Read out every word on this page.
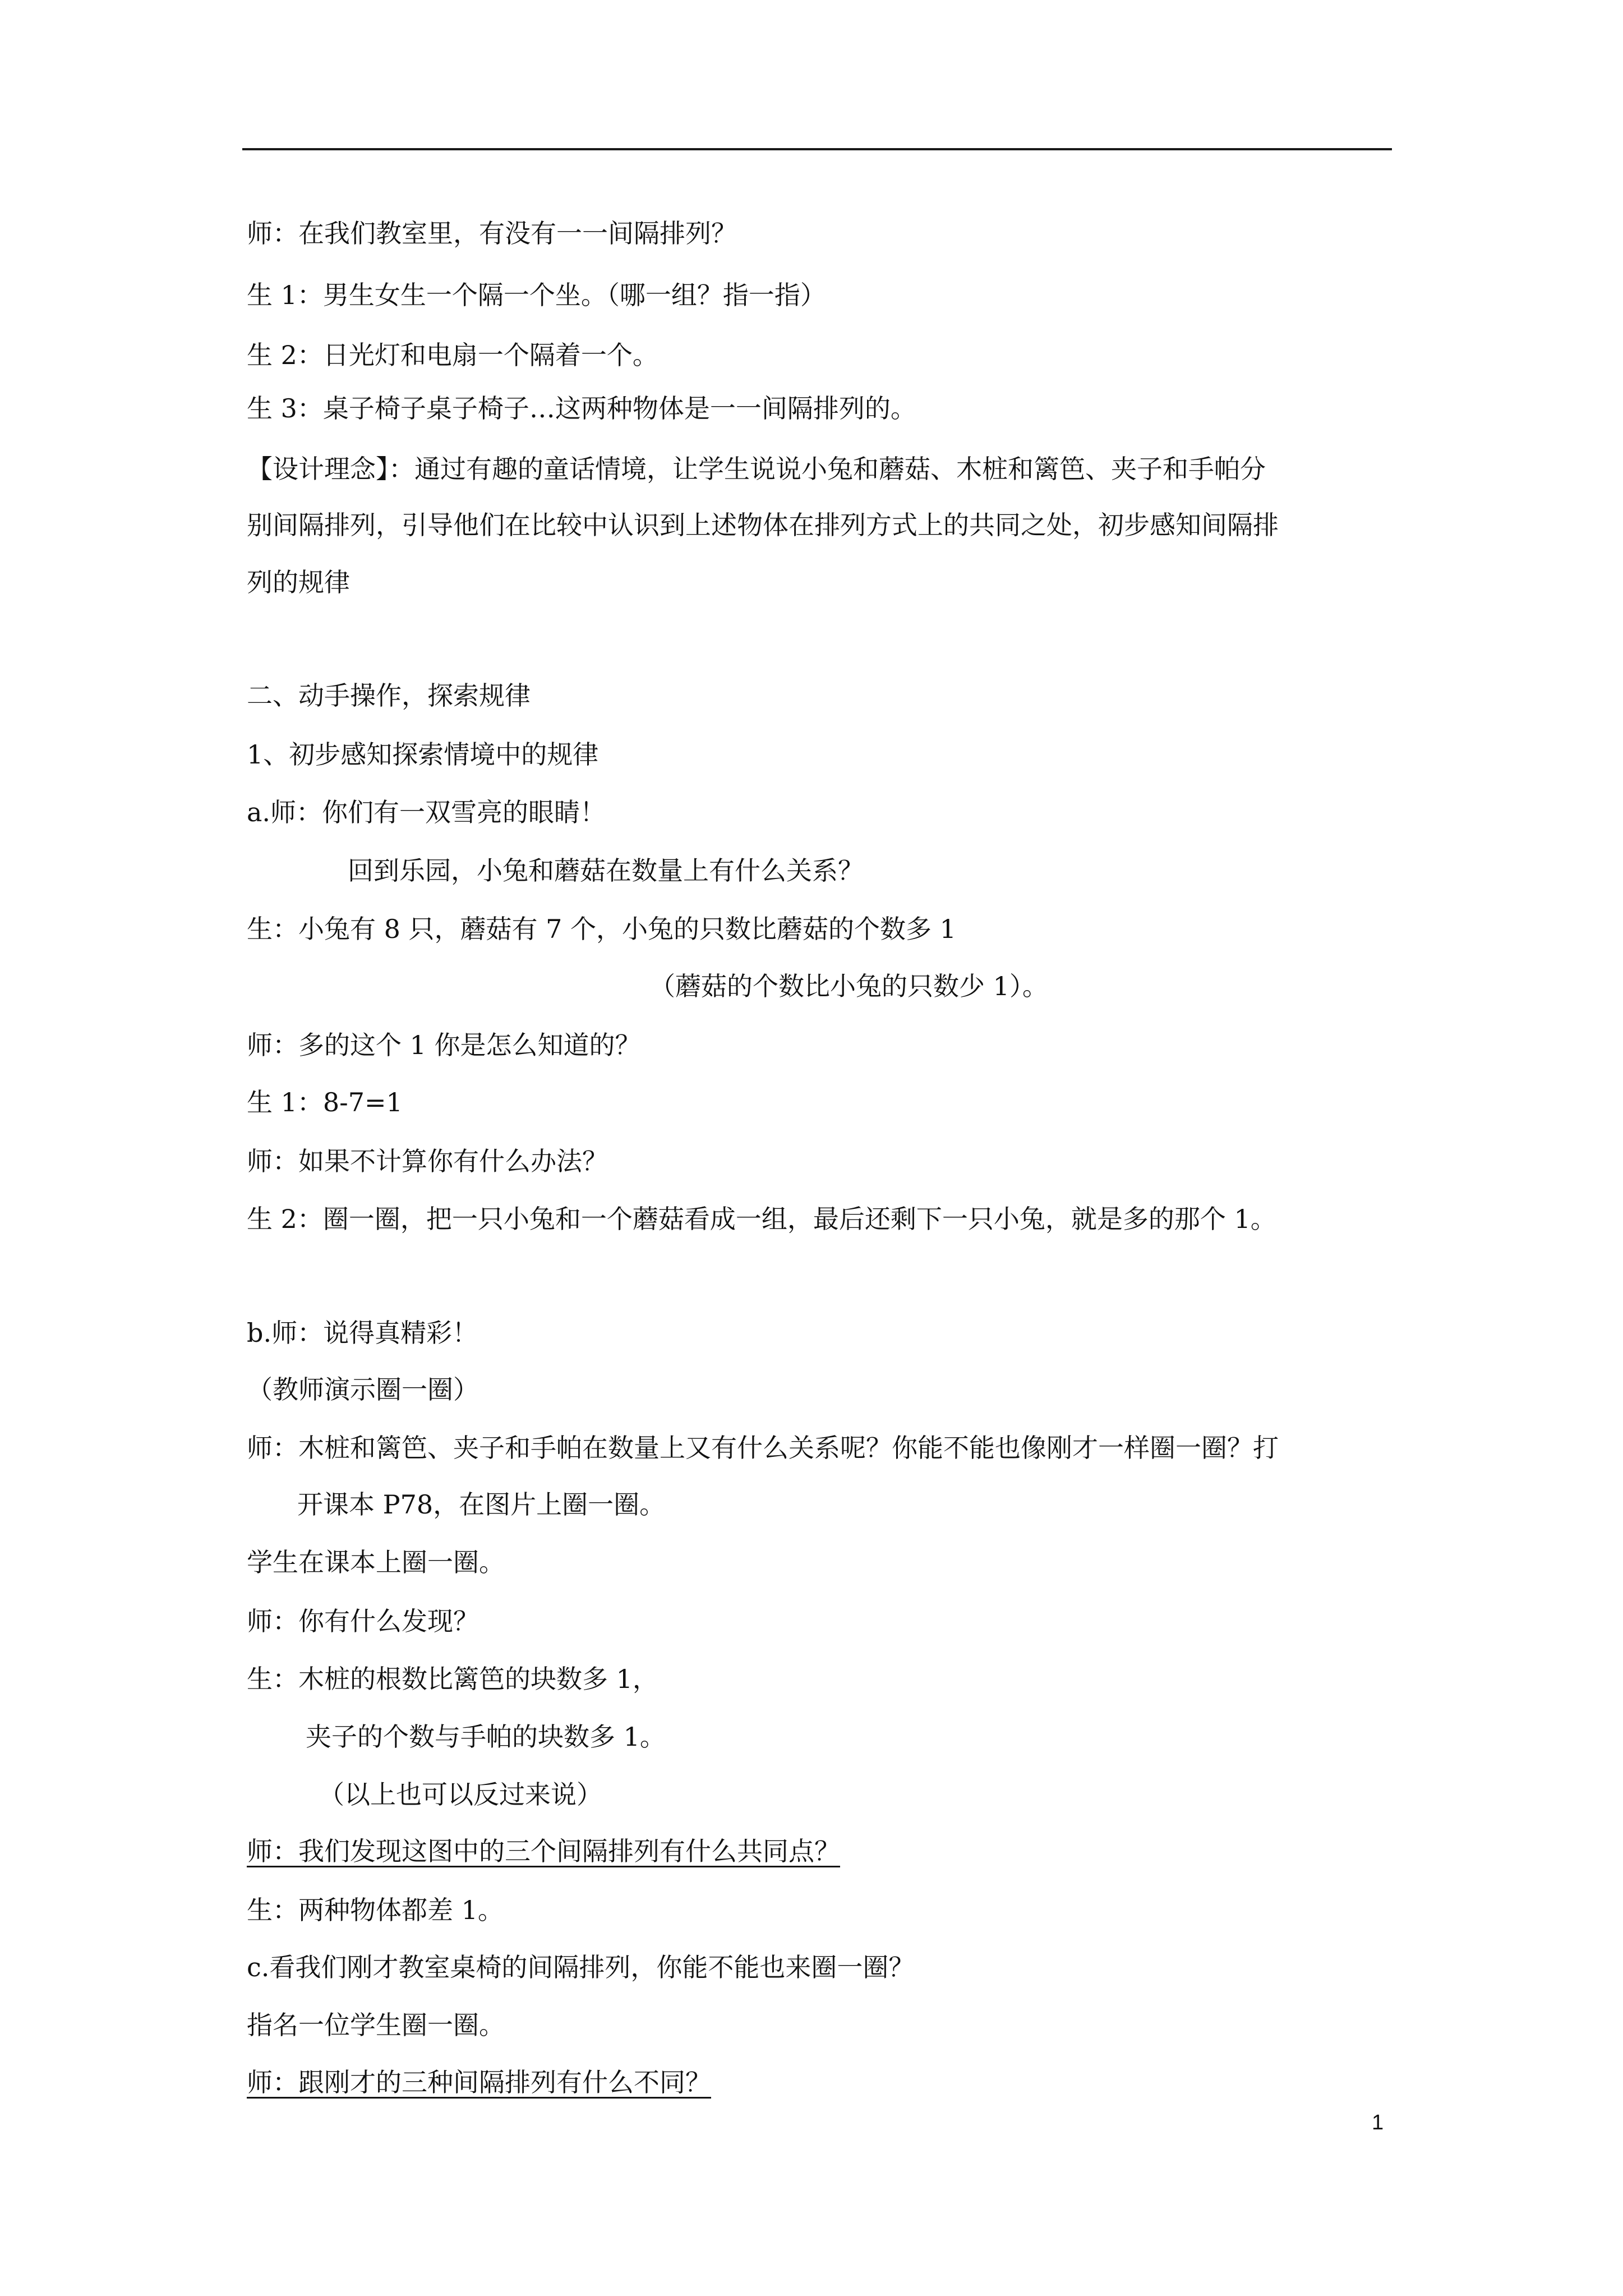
师：在我们教室里，有没有一一间隔排列？
生 1：男生女生一个隔一个坐。（哪一组？指一指）
生 2：日光灯和电扇一个隔着一个。
生 3：桌子椅子桌子椅子…这两种物体是一一间隔排列的。
【设计理念】：通过有趣的童话情境，让学生说说小兔和蘑菇、木桩和篱笆、夹子和手帕分
别间隔排列，引导他们在比较中认识到上述物体在排列方式上的共同之处，初步感知间隔排
列的规律
二、动手操作，探索规律
1、初步感知探索情境中的规律
a.师：你们有一双雪亮的眼睛！
回到乐园，小兔和蘑菇在数量上有什么关系？
生：小兔有 8 只，蘑菇有 7 个，小兔的只数比蘑菇的个数多 1
（蘑菇的个数比小兔的只数少 1）。
师：多的这个 1 你是怎么知道的？
生 1：8-7=1
师：如果不计算你有什么办法？
生 2：圈一圈，把一只小兔和一个蘑菇看成一组，最后还剩下一只小兔，就是多的那个 1。
b.师：说得真精彩！
（教师演示圈一圈）
师：木桩和篱笆、夹子和手帕在数量上又有什么关系呢？你能不能也像刚才一样圈一圈？打
开课本 P78，在图片上圈一圈。
学生在课本上圈一圈。
师：你有什么发现？
生：木桩的根数比篱笆的块数多 1，
夹子的个数与手帕的块数多 1。
（以上也可以反过来说）
师：我们发现这图中的三个间隔排列有什么共同点？
生：两种物体都差 1。
c.看我们刚才教室桌椅的间隔排列，你能不能也来圈一圈？
指名一位学生圈一圈。
师：跟刚才的三种间隔排列有什么不同？
1
